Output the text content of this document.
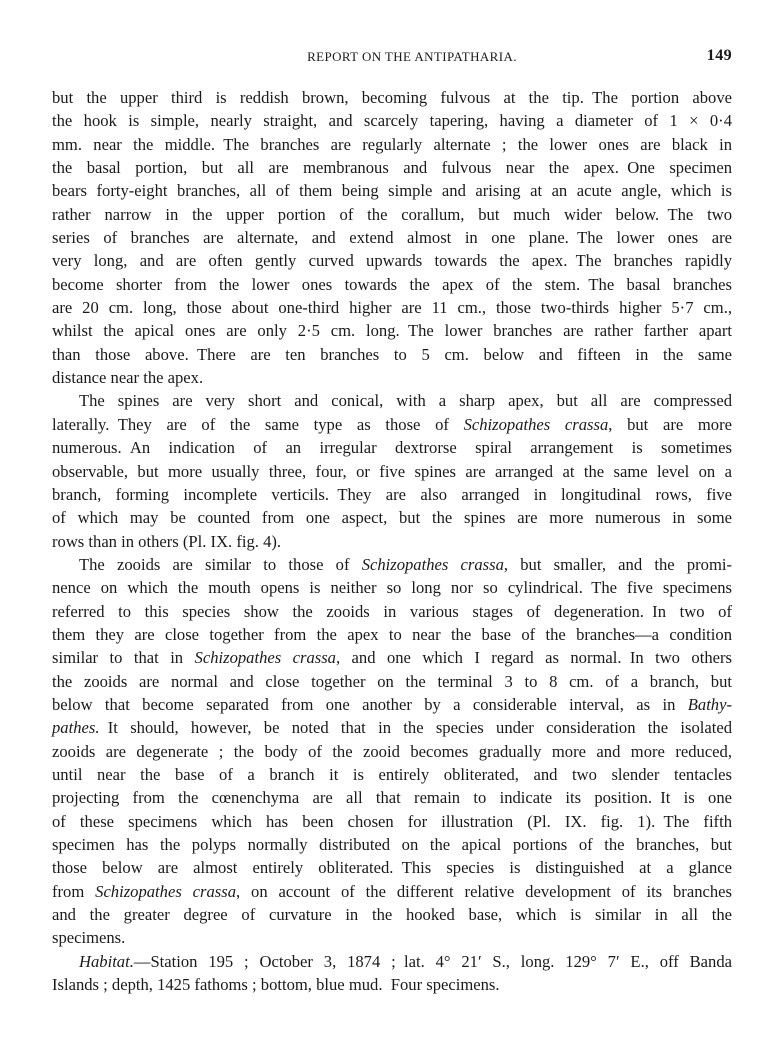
REPORT ON THE ANTIPATHARIA.	149
but the upper third is reddish brown, becoming fulvous at the tip. The portion above
the hook is simple, nearly straight, and scarcely tapering, having a diameter of 1 × 0·4
mm. near the middle. The branches are regularly alternate ; the lower ones are black in
the basal portion, but all are membranous and fulvous near the apex. One specimen
bears forty-eight branches, all of them being simple and arising at an acute angle, which is
rather narrow in the upper portion of the corallum, but much wider below. The two
series of branches are alternate, and extend almost in one plane. The lower ones are
very long, and are often gently curved upwards towards the apex. The branches rapidly
become shorter from the lower ones towards the apex of the stem. The basal branches
are 20 cm. long, those about one-third higher are 11 cm., those two-thirds higher 5·7 cm.,
whilst the apical ones are only 2·5 cm. long. The lower branches are rather farther apart
than those above. There are ten branches to 5 cm. below and fifteen in the same
distance near the apex.
The spines are very short and conical, with a sharp apex, but all are compressed
laterally. They are of the same type as those of Schizopathes crassa, but are more
numerous. An indication of an irregular dextrorse spiral arrangement is sometimes
observable, but more usually three, four, or five spines are arranged at the same level on a
branch, forming incomplete verticils. They are also arranged in longitudinal rows, five
of which may be counted from one aspect, but the spines are more numerous in some
rows than in others (Pl. IX. fig. 4).
The zooids are similar to those of Schizopathes crassa, but smaller, and the promi-
nence on which the mouth opens is neither so long nor so cylindrical. The five specimens
referred to this species show the zooids in various stages of degeneration. In two of
them they are close together from the apex to near the base of the branches—a condition
similar to that in Schizopathes crassa, and one which I regard as normal. In two others
the zooids are normal and close together on the terminal 3 to 8 cm. of a branch, but
below that become separated from one another by a considerable interval, as in Bathy-
pathes. It should, however, be noted that in the species under consideration the isolated
zooids are degenerate ; the body of the zooid becomes gradually more and more reduced,
until near the base of a branch it is entirely obliterated, and two slender tentacles
projecting from the cœnenchyma are all that remain to indicate its position. It is one
of these specimens which has been chosen for illustration (Pl. IX. fig. 1). The fifth
specimen has the polyps normally distributed on the apical portions of the branches, but
those below are almost entirely obliterated. This species is distinguished at a glance
from Schizopathes crassa, on account of the different relative development of its branches
and the greater degree of curvature in the hooked base, which is similar in all the
specimens.
Habitat.—Station 195 ; October 3, 1874 ; lat. 4° 21′ S., long. 129° 7′ E., off Banda
Islands ; depth, 1425 fathoms ; bottom, blue mud. Four specimens.
